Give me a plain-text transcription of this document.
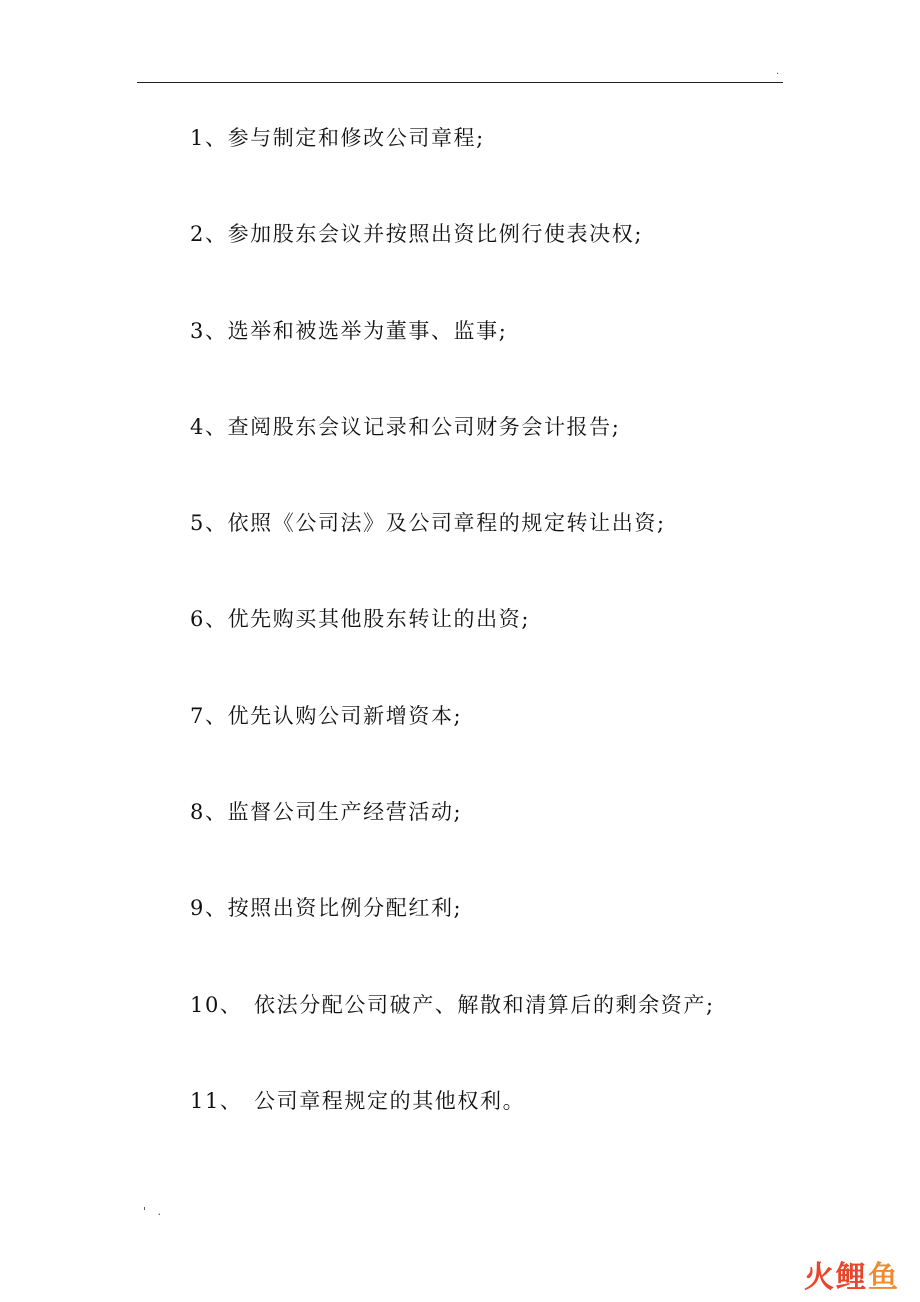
.
1、参与制定和修改公司章程;
2、参加股东会议并按照出资比例行使表决权;
3、选举和被选举为董事、监事;
4、查阅股东会议记录和公司财务会计报告;
5、依照《公司法》及公司章程的规定转让出资;
6、优先购买其他股东转让的出资;
7、优先认购公司新增资本;
8、监督公司生产经营活动;
9、按照出资比例分配红利;
10、 依法分配公司破产、解散和清算后的剩余资产;
11、 公司章程规定的其他权利。
' .
火 鲤 鱼
